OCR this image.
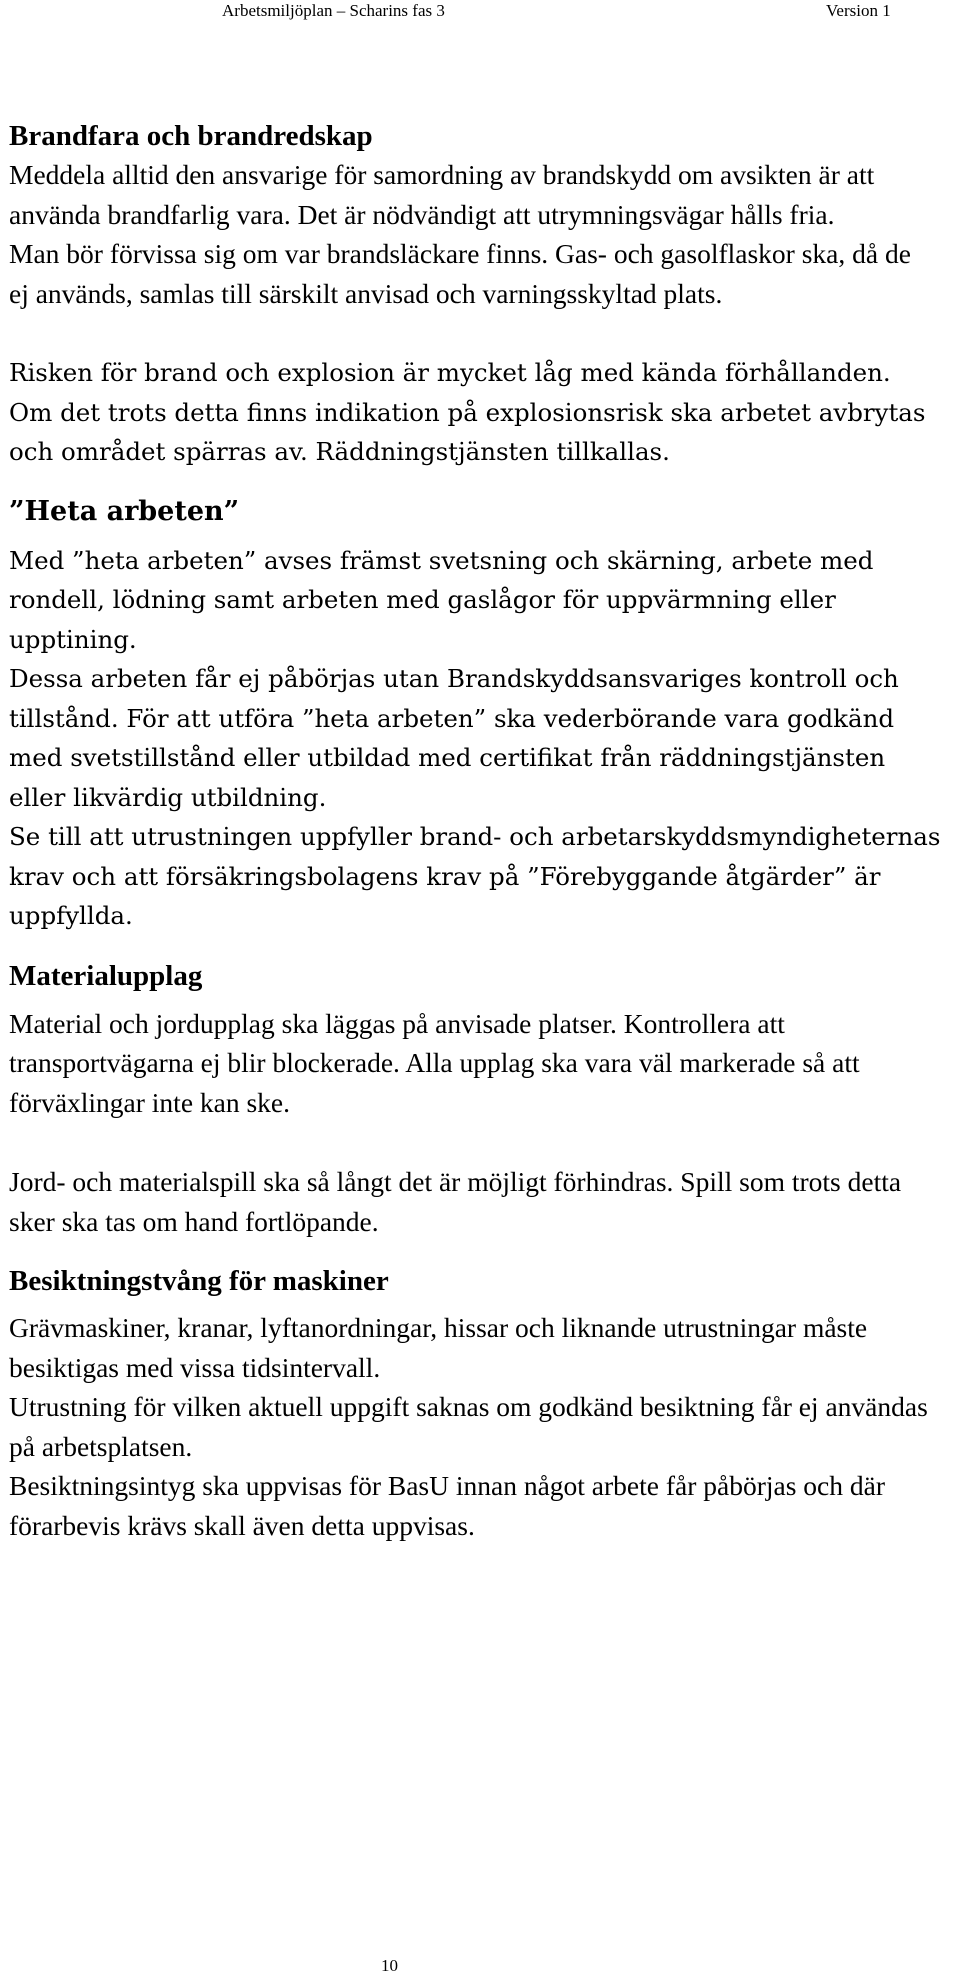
Arbetsmiljöplan – Scharins fas 3	Version 1
Brandfara och brandredskap

Meddela alltid den ansvarige för samordning av brandskydd om avsikten är att använda brandfarlig vara. Det är nödvändigt att utrymningsvägar hålls fria.

Man bör förvissa sig om var brandsläckare finns. Gas- och gasolflaskor ska, då de ej används, samlas till särskilt anvisad och varningsskyltad plats.

Risken för brand och explosion är mycket låg med kända förhållanden. Om det trots detta finns indikation på explosionsrisk ska arbetet avbrytas och området spärras av. Räddningstjänsten tillkallas.

”Heta arbeten”

Med ”heta arbeten” avses främst svetsning och skärning, arbete med rondell, lödning samt arbeten med gaslågor för uppvärmning eller upptining.

Dessa arbeten får ej påbörjas utan Brandskyddsansvariges kontroll och tillstånd. För att utföra ”heta arbeten” ska vederbörande vara godkänd med svetstillstånd eller utbildad med certifikat från räddningstjänsten eller likvärdig utbildning.

Se till att utrustningen uppfyller brand- och arbetarskyddsmyndigheternas krav och att försäkringsbolagens krav på ”Förebyggande åtgärder” är uppfyllda.

Materialupplag

Material och jordupplag ska läggas på anvisade platser. Kontrollera att transportvägarna ej blir blockerade. Alla upplag ska vara väl markerade så att förväxlingar inte kan ske.

Jord- och materialspill ska så långt det är möjligt förhindras. Spill som trots detta sker ska tas om hand fortlöpande.

Besiktningstvång för maskiner

Grävmaskiner, kranar, lyftanordningar, hissar och liknande utrustningar måste besiktigas med vissa tidsintervall.

Utrustning för vilken aktuell uppgift saknas om godkänd besiktning får ej användas på arbetsplatsen.

Besiktningsintyg ska uppvisas för BasU innan något arbete får påbörjas och där förarbevis krävs skall även detta uppvisas.

10
